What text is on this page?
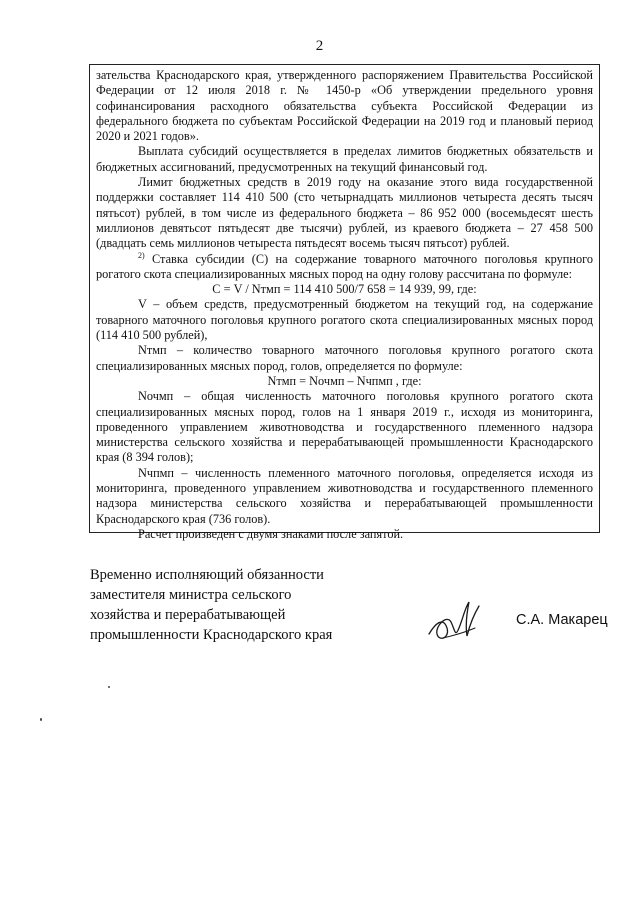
2

зательства Краснодарского края, утвержденного распоряжением Правительства Российской Федерации от 12 июля 2018 г. № 1450-р «Об утверждении предельного уровня софинансирования расходного обязательства субъекта Российской Федерации из федерального бюджета по субъектам Российской Федерации на 2019 год и плановый период 2020 и 2021 годов».

Выплата субсидий осуществляется в пределах лимитов бюджетных обязательств и бюджетных ассигнований, предусмотренных на текущий финансовый год.

Лимит бюджетных средств в 2019 году на оказание этого вида государственной поддержки составляет 114 410 500 (сто четырнадцать миллионов четыреста десять тысяч пятьсот) рублей, в том числе из федерального бюджета – 86 952 000 (восемьдесят шесть миллионов девятьсот пятьдесят две тысячи) рублей, из краевого бюджета – 27 458 500 (двадцать семь миллионов четыреста пятьдесят восемь тысяч пятьсот) рублей.

$^{2)}$ Ставка субсидии (С) на содержание товарного маточного поголовья крупного рогатого скота специализированных мясных пород на одну голову рассчитана по формуле:

С = V / Nтмп = 114 410 500/7 658 = 14 939, 99, где:

V – объем средств, предусмотренный бюджетом на текущий год, на содержание товарного маточного поголовья крупного рогатого скота специализированных мясных пород (114 410 500 рублей),

Nтмп – количество товарного маточного поголовья крупного рогатого скота специализированных мясных пород, голов, определяется по формуле:

Nтмп = Nочмп – Nчпмп , где:

Nочмп – общая численность маточного поголовья крупного рогатого скота специализированных мясных пород, голов на 1 января 2019 г., исходя из мониторинга, проведенного управлением животноводства и государственного племенного надзора министерства сельского хозяйства и перерабатывающей промышленности Краснодарского края (8 394 голов);

Nчпмп – численность племенного маточного поголовья, определяется исходя из мониторинга, проведенного управлением животноводства и государственного племенного надзора министерства сельского хозяйства и перерабатывающей промышленности Краснодарского края (736 голов).

Расчет произведен с двумя знаками после запятой.

Временно исполняющий обязанности
заместителя министра сельского
хозяйства и перерабатывающей
промышленности Краснодарского края
С.А. Макарец
